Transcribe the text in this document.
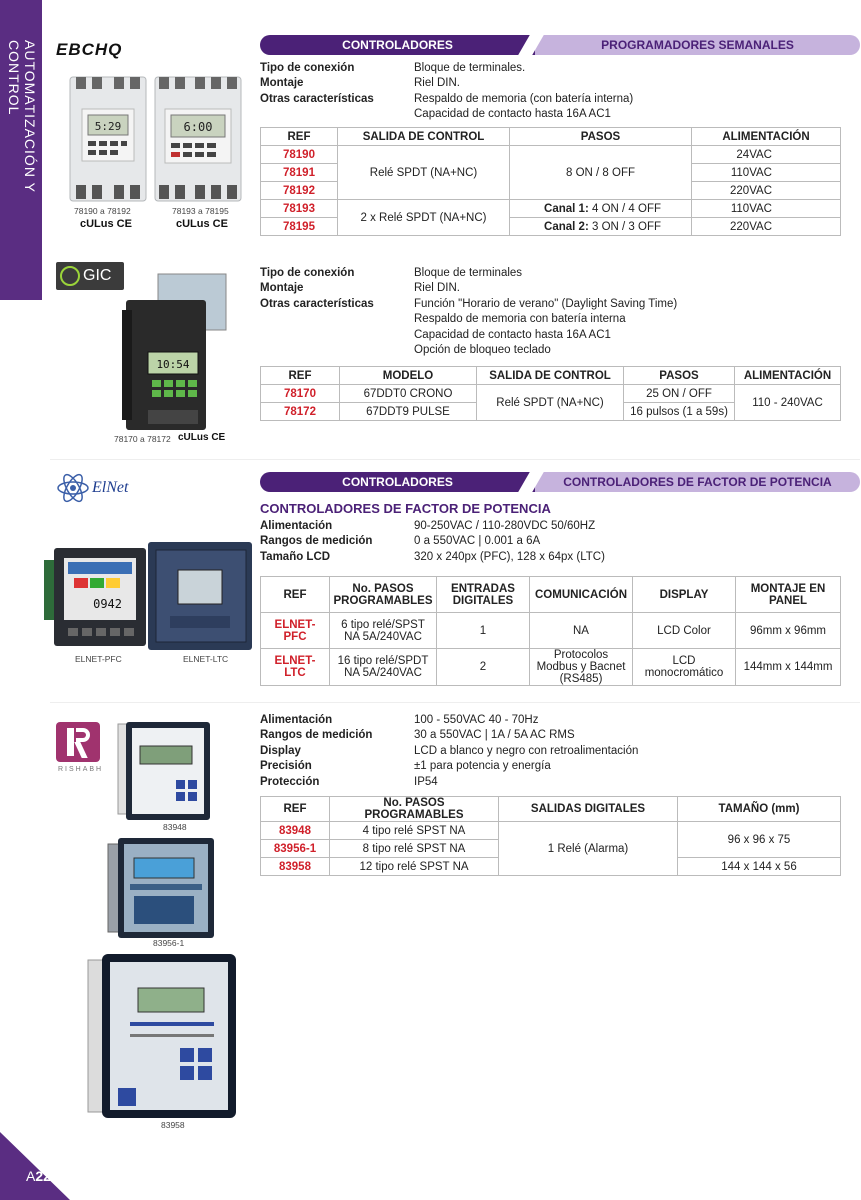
AUTOMATIZACIÓN Y CONTROL
A22
CONTROLADORES	PROGRAMADORES SEMANALES
EBCHQ
5:29	6:00
78190 a 78192	78193 a 78195
cULus CE	cULus CE
Tipo de conexión	Bloque de terminales.
Montaje	Riel DIN.
Otras características	Respaldo de memoria (con batería interna)
Capacidad de contacto hasta 16A AC1
REF	SALIDA DE CONTROL	PASOS	ALIMENTACIÓN
78190	Relé SPDT (NA+NC)	8 ON / 8 OFF	24VAC
78191			110VAC
78192			220VAC
78193	2 x Relé SPDT (NA+NC)	Canal 1: 4 ON / 4 OFF	110VAC
78195		Canal 2: 3 ON / 3 OFF	220VAC
GIC
10:54
78170 a 78172 cULus CE
Tipo de conexión	Bloque de terminales
Montaje	Riel DIN.
Otras características	Función "Horario de verano" (Daylight Saving Time)
Respaldo de memoria con batería interna
Capacidad de contacto hasta 16A AC1
Opción de bloqueo teclado
REF	MODELO	SALIDA DE CONTROL	PASOS	ALIMENTACIÓN
78170	67DDT0 CRONO	Relé SPDT (NA+NC)	25 ON / OFF	110 - 240VAC
78172	67DDT9 PULSE		16 pulsos (1 a 59s)	
CONTROLADORES	CONTROLADORES DE FACTOR DE POTENCIA
ElNet
0942
ELNET-PFC	ELNET-LTC
CONTROLADORES DE FACTOR DE POTENCIA
Alimentación	90-250VAC / 110-280VDC 50/60HZ
Rangos de medición	0 a 550VAC | 0.001 a 6A
Tamaño LCD	320 x 240px (PFC), 128 x 64px (LTC)
REF	No. PASOS PROGRAMABLES	ENTRADAS DIGITALES	COMUNICACIÓN	DISPLAY	MONTAJE EN PANEL
ELNET-PFC	6 tipo relé/SPST NA 5A/240VAC	1	NA	LCD Color	96mm x 96mm
ELNET-LTC	16 tipo relé/SPDT NA 5A/240VAC	2	Protocolos Modbus y Bacnet (RS485)	LCD monocromático	144mm x 144mm
RISHABH
83948
83956-1
83958
Alimentación	100 - 550VAC 40 - 70Hz
Rangos de medición	30 a 550VAC | 1A / 5A AC RMS
Display	LCD a blanco y negro con retroalimentación
Precisión	±1 para potencia y energía
Protección	IP54
REF	No. PASOS PROGRAMABLES	SALIDAS DIGITALES	TAMAÑO (mm)
83948	4 tipo relé SPST NA	1 Relé (Alarma)	96 x 96 x 75
83956-1	8 tipo relé SPST NA		
83958	12 tipo relé SPST NA		144 x 144 x 56
